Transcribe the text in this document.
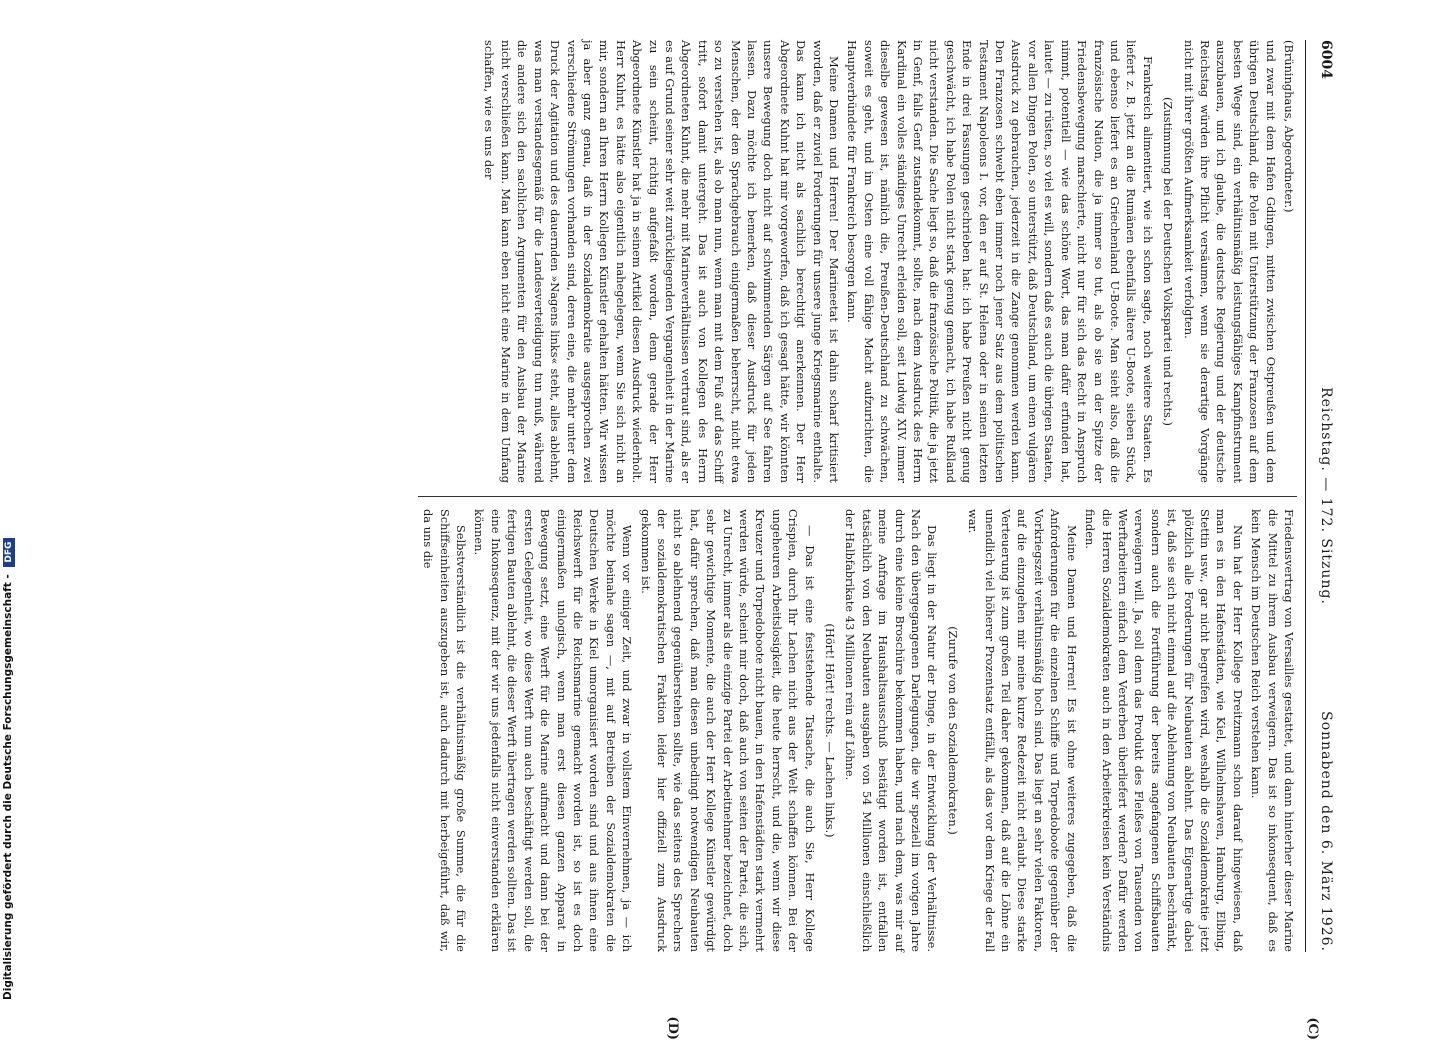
6004
Reichstag. — 172. Sitzung.
Sonnabend den 6. März 1926.

(Brüninghaus, Abgeordneter.)

und zwar mit dem Hafen Gdingen, mitten zwischen Ostpreußen und dem übrigen Deutschland, die Polen mit Unterstützung der Franzosen auf dem besten Wege sind, ein verhältnismäßig leistungsfähiges Kampfinstrument auszubauen, und ich glaube, die deutsche Regierung und der deutsche Reichstag würden ihre Pflicht versäumen, wenn sie derartige Vorgänge nicht mit ihrer größten Aufmerksamkeit verfolgten.

(Zustimmung bei der Deutschen Volkspartei und rechts.)

Frankreich alimentiert, wie ich schon sagte, noch weitere Staaten. Es liefert z. B. jetzt an die Rumänen ebenfalls ältere U-Boote, sieben Stück, und ebenso liefert es an Griechenland U-Boote. Man sieht also, daß die französische Nation, die ja immer so tut, als ob sie an der Spitze der Friedensbewegung marschierte, nicht nur für sich das Recht in Anspruch nimmt, potentiell — wie das schöne Wort, das man dafür erfunden hat, lautet — zu rüsten, so viel es will, sondern daß es auch die übrigen Staaten, vor allen Dingen Polen, so unterstützt, daß Deutschland, um einen vulgären Ausdruck zu gebrauchen, jederzeit in die Zange genommen werden kann. Den Franzosen schwebt eben immer noch jener Satz aus dem politischen Testament Napoleons I. vor, den er auf St. Helena oder in seinen letzten Ende in drei Fassungen geschrieben hat: ich habe Preußen nicht genug geschwächt, ich habe Polen nicht stark genug gemacht, ich habe Rußland nicht verstanden. Die Sache liegt so, daß die französische Politik, die ja jetzt in Genf, falls Genf zustandekommt, sollte, nach dem Ausdruck des Herrn Kardinal ein volles ständiges Unrecht erleiden soll, seit Ludwig XIV. immer dieselbe gewesen ist, nämlich die, Preußen-Deutschland zu schwächen, soweit es geht, und im Osten eine voll fähige Macht aufzurichten, die Hauptverbündete für Frankreich besorgen kann.

Meine Damen und Herren! Der Marineetat ist dahin scharf kritisiert worden, daß er zuviel Forderungen für unsere junge Kriegsmarine enthalte. Das kann ich nicht als sachlich berechtigt anerkennen. Der Herr Abgeordnete Kuhnt hat mir vorgeworfen, daß ich gesagt hätte, wir könnten unsere Bewegung doch nicht auf schwimmenden Särgen auf See fahren lassen. Dazu möchte ich bemerken, daß dieser Ausdruck für jeden Menschen, der den Sprachgebrauch einigermaßen beherrscht, nicht etwa so zu verstehen ist, als ob man nun, wenn man mit dem Fuß auf das Schiff tritt, sofort damit untergeht. Das ist auch von Kollegen des Herrn Abgeordneten Kuhnt, die mehr mit Marineverhältnissen vertraut sind, als er es auf Grund seiner sehr weit zurückliegenden Vergangenheit in der Marine zu sein scheint, richtig aufgefaßt worden, denn gerade der Herr Abgeordnete Künstler hat ja in seinem Artikel diesen Ausdruck wiederholt. Herr Kuhnt, es hätte also eigentlich nahegelegen, wenn Sie sich nicht an mir, sondern an Ihren Herrn Kollegen Künstler gehalten hätten. Wir wissen ja aber ganz genau, daß in der Sozialdemokratie ausgesprochen zwei verschiedene Strömungen vorhanden sind, deren eine, die mehr unter dem Druck der Agitation und des dauernden »Nagens links« steht, alles ablehnt, was man verstandesgemäß für die Landesverteidigung tun muß, während die andere sich den sachlichen Argumenten für den Ausbau der Marine nicht verschließen kann. Man kann eben nicht eine Marine in dem Umfang schaffen, wie es uns der

Friedensvertrag von Versailles gestattet, und dann hinterher dieser Marine die Mittel zu ihrem Ausbau verweigern. Das ist so inkonsequent, daß es kein Mensch im Deutschen Reich verstehen kann.

Nun hat der Herr Kollege Dreitzmann schon darauf hingewiesen, daß man es in den Hafenstädten, wie Kiel, Wilhelmshaven, Hamburg, Elbing, Stettin usw., gar nicht begreifen wird, weshalb die Sozialdemokratie jetzt plötzlich alle Forderungen für Neubauten ablehnt. Das Eigenartige dabei ist, daß sie sich nicht einmal auf die Ablehnung von Neubauten beschränkt, sondern auch die Fortführung der bereits angefangenen Schiffsbauten verweigern will. Ja, soll denn das Produkt des Fleißes von Tausenden von Werftarbeitern einfach dem Verderben überliefert werden? Dafür werden die Herren Sozialdemokraten auch in den Arbeiterkreisen kein Verständnis finden.

Meine Damen und Herren! Es ist ohne weiteres zugegeben, daß die Anforderungen für die einzelnen Schiffe und Torpedoboote gegenüber der Vorkriegszeit verhältnismäßig hoch sind. Das liegt an sehr vielen Faktoren, auf die einzugehen mir meine kurze Redezeit nicht erlaubt. Diese starke Verteuerung ist zum großen Teil daher gekommen, daß auf die Löhne ein unendlich viel höherer Prozentsatz entfällt, als das vor dem Kriege der Fall war.

(Zurufe von den Sozialdemokraten.)

Das liegt in der Natur der Dinge, in der Entwicklung der Verhältnisse. Nach den übergegangenen Darlegungen, die wir speziell im vorigen Jahre durch eine kleine Broschüre bekommen haben, und nach dem, was mir auf meine Anfrage im Haushaltsausschuß bestätigt worden ist, entfallen tatsächlich von den Neubauten ausgaben von 54 Millionen einschließlich der Halbfabrikate 43 Millionen rein auf Löhne.

(Hört! Hört! rechts. — Lachen links.)

— Das ist eine feststehende Tatsache, die auch Sie, Herr Kollege Crispien, durch Ihr Lachen nicht aus der Welt schaffen können. Bei der ungeheuren Arbeitslosigkeit, die heute herrscht, und die, wenn wir diese Kreuzer und Torpedoboote nicht bauen, in den Hafenstädten stark vermehrt werden würde, scheint mir doch, daß auch von seiten der Partei, die sich, zu Unrecht, immer als die einzige Partei der Arbeitnehmer bezeichnet, doch sehr gewichtige Momente, die auch der Herr Kollege Künstler gewürdigt hat, dafür sprechen, daß man diesen unbedingt notwendigen Neubauten nicht so ablehnend gegenüberstehen sollte, wie das seitens des Sprechers der sozialdemokratischen Fraktion leider hier offiziell zum Ausdruck gekommen ist.

Wenn vor einiger Zeit, und zwar in vollstem Einvernehmen, ja — ich möchte beinahe sagen —, mit auf Betreiben der Sozialdemokraten die Deutschen Werke in Kiel umorganisiert worden sind und aus ihnen eine Reichswerft für die Reichsmarine gemacht worden ist, so ist es doch einigermaßen unlogisch, wenn man erst diesen ganzen Apparat in Bewegung setzt, eine Werft für die Marine aufmacht und dann bei der ersten Gelegenheit, wo diese Werft nun auch beschäftigt werden soll, die fertigen Bauten ablehnt, die dieser Werft übertragen werden sollten. Das ist eine Inkonsequenz, mit der wir uns jedenfalls nicht einverstanden erklären können.

Selbstverständlich ist die verhältnismäßig große Summe, die für die Schiffseinheiten auszugeben ist, auch dadurch mit herbeigeführt, daß wir, da uns die

(C)
(D)
Digitalisierung gefördert durch die Deutsche Forschungsgemeinschaft - DFG
